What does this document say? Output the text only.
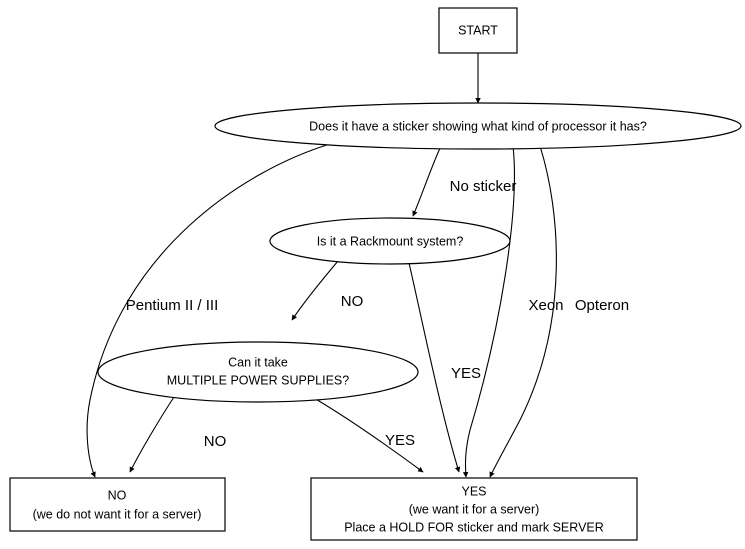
No sticker
Pentium II / III	Xeon Opteron
NO
YES
NO	YES
START
Does it have a sticker showing what kind of processor it has?
Is it a Rackmount system?
Can it take
MULTIPLE POWER SUPPLIES?
NO
(we do not want it for a server)
YES
(we want it for a server)
Place a HOLD FOR sticker and mark SERVER
